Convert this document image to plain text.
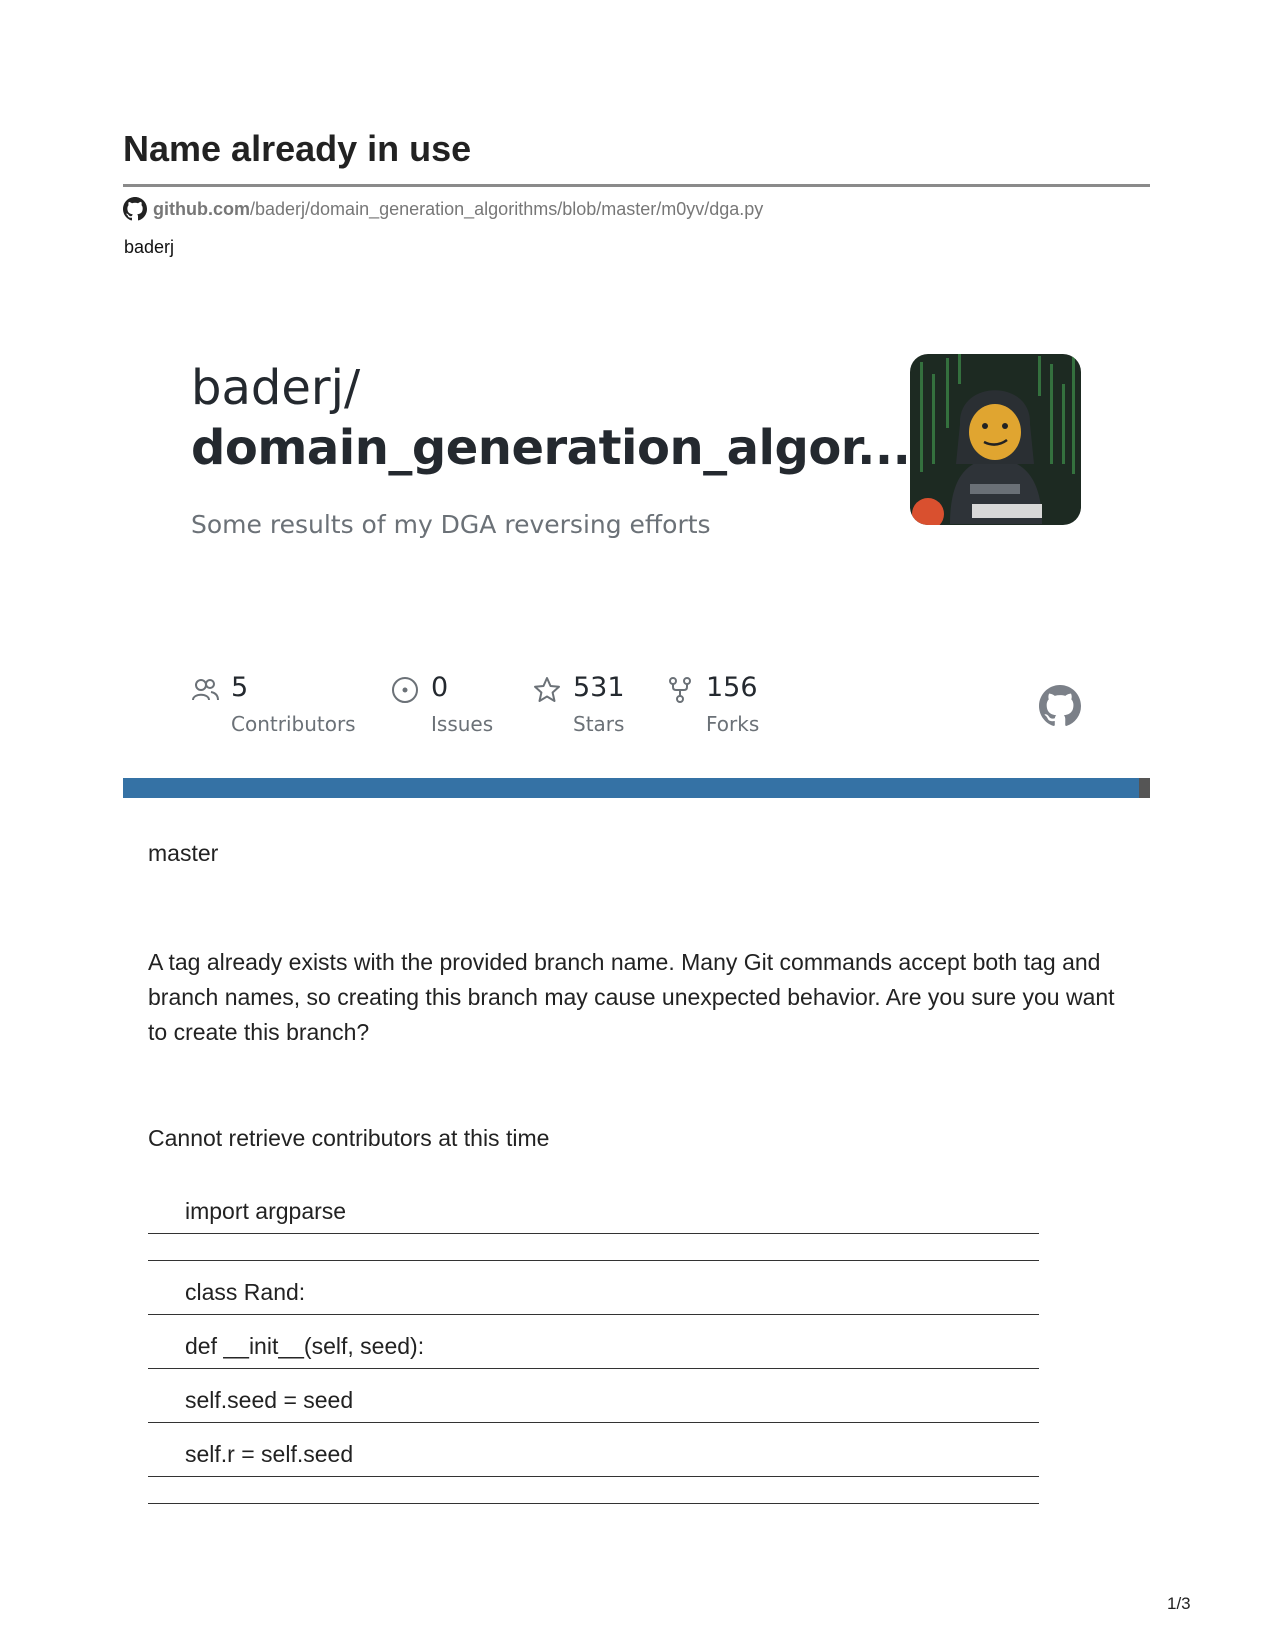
Name already in use
github.com/baderj/domain_generation_algorithms/blob/master/m0yv/dga.py
baderj
baderj/
domain_generation_algor...
Some results of my DGA reversing efforts
5
Contributors
0
Issues
531
Stars
156
Forks
master
A tag already exists with the provided branch name. Many Git commands accept both tag and branch names, so creating this branch may cause unexpected behavior. Are you sure you want to create this branch?
Cannot retrieve contributors at this time
import argparse
class Rand:
def __init__(self, seed):
self.seed = seed
self.r = self.seed
1/3
